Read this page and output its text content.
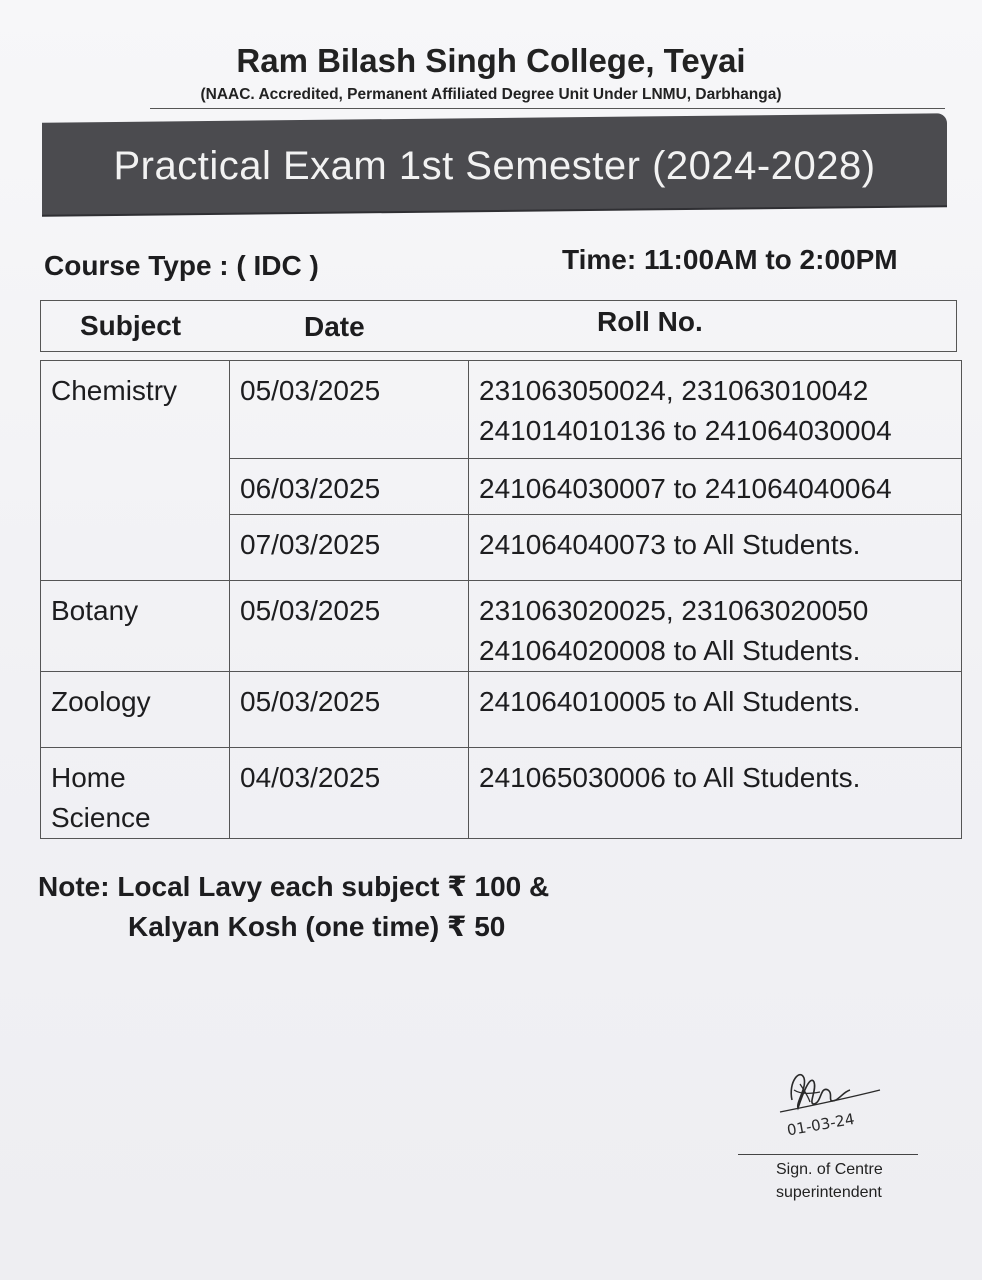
Ram Bilash Singh College, Teyai
(NAAC. Accredited, Permanent Affiliated Degree Unit Under LNMU, Darbhanga)
Practical Exam 1st Semester (2024-2028)
Course Type : ( IDC )	Time: 11:00AM to 2:00PM
Subject	Date	Roll No.
Chemistry	05/03/2025	231063050024, 231063010042
241014010136 to 241064030004
	06/03/2025	241064030007 to 241064040064
	07/03/2025	241064040073 to All Students.
Botany	05/03/2025	231063020025, 231063020050
241064020008 to All Students.
Zoology	05/03/2025	241064010005 to All Students.
Home
Science	04/03/2025	241065030006 to All Students.
Note: Local Lavy each subject ₹ 100 &
Kalyan Kosh (one time) ₹ 50
01-03-24
Sign. of Centre
superintendent
